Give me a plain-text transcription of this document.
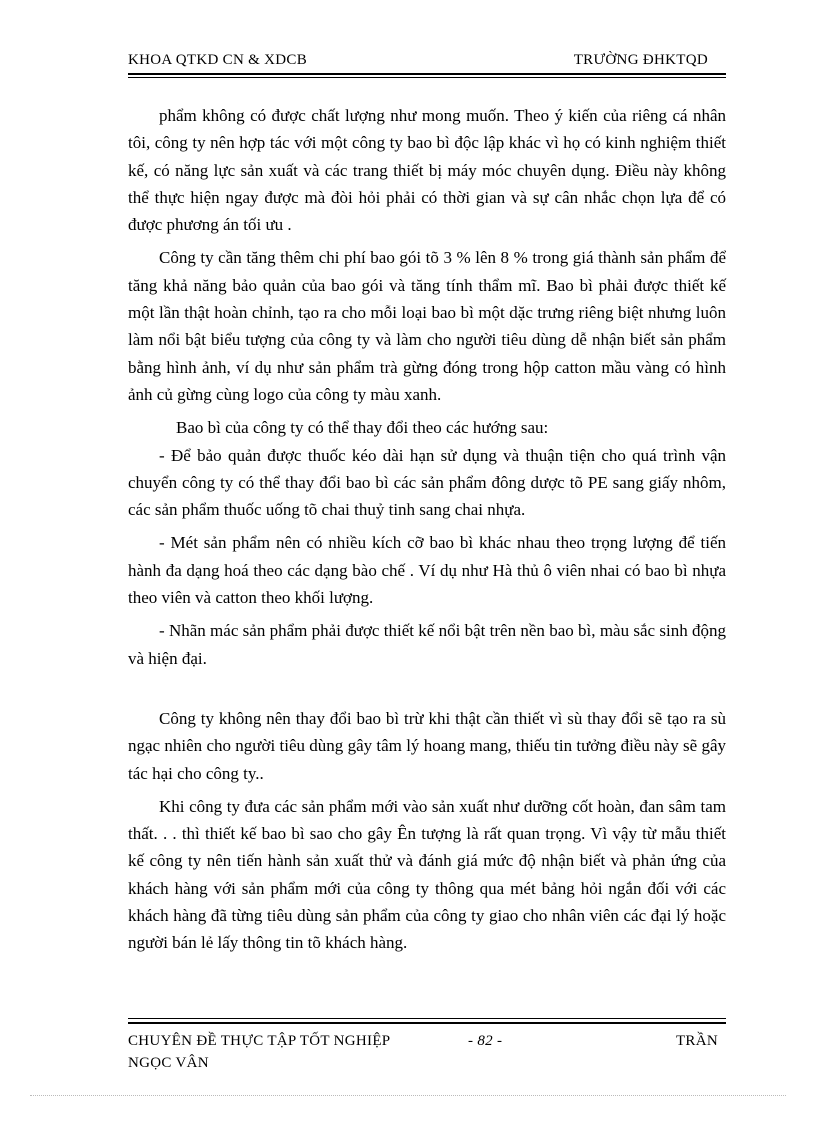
KHOA QTKD CN & XDCB	TRƯỜNG ĐHKTQD

phẩm không có được chất lượng như mong muốn. Theo ý kiến của riêng cá nhân tôi, công ty nên hợp tác với một công ty bao bì độc lập khác vì họ có kinh nghiệm thiết kế, có năng lực sản xuất và các trang thiết bị máy móc chuyên dụng. Điều này không thể thực hiện ngay được mà đòi hỏi phải có thời gian và sự cân nhắc chọn lựa để có được phương án tối ưu .

Công ty cần tăng thêm chi phí bao gói tõ 3 % lên 8 % trong giá thành sản phẩm để tăng khả năng bảo quản của bao gói và tăng tính thẩm mĩ. Bao bì phải được thiết kế một lần thật hoàn chỉnh, tạo ra cho mỗi loại bao bì một dặc trưng riêng biệt nhưng luôn làm nổi bật biểu tượng của công ty và làm cho người tiêu dùng dễ nhận biết sản phẩm bằng hình ảnh, ví dụ như sản phẩm trà gừng đóng trong hộp catton mầu vàng có hình ảnh củ gừng cùng logo của công ty màu xanh.

Bao bì của công ty có thể thay đổi theo các hướng sau:

- Để bảo quản được thuốc kéo dài hạn sử dụng và thuận tiện cho quá trình vận chuyển công ty có thể thay đổi bao bì các sản phẩm đông dược tõ PE sang giấy nhôm, các sản phẩm thuốc uống tõ chai thuỷ tinh sang chai nhựa.

- Mét sản phẩm nên có nhiều kích cỡ bao bì khác nhau theo trọng lượng để tiến hành đa dạng hoá theo các dạng bào chế . Ví dụ như Hà thủ ô viên nhai có bao bì nhựa theo viên và catton theo khối lượng.

- Nhãn mác sản phẩm phải được thiết kế nổi bật trên nền bao bì, màu sắc sinh động và hiện đại.

Công ty không nên thay đổi bao bì trừ khi thật cần thiết vì sù thay đổi sẽ tạo ra sù ngạc nhiên cho người tiêu dùng gây tâm lý hoang mang, thiếu tin tưởng điều này sẽ gây tác hại cho công ty..

Khi công ty đưa các sản phẩm mới vào sản xuất như dưỡng cốt hoàn, đan sâm tam thất. . . thì thiết kế bao bì sao cho gây Ên tượng là rất quan trọng. Vì vậy từ mẫu thiết kế công ty nên tiến hành sản xuất thử và đánh giá mức độ nhận biết và phản ứng của khách hàng với sản phẩm mới của công ty thông qua mét bảng hỏi ngắn đối với các khách hàng đã từng tiêu dùng sản phẩm của công ty giao cho nhân viên các đại lý hoặc người bán lẻ lấy thông tin tõ khách hàng.

CHUYÊN ĐỀ THỰC TẬP TỐT NGHIỆP	- 82 -	TRẦN
NGỌC VÂN
